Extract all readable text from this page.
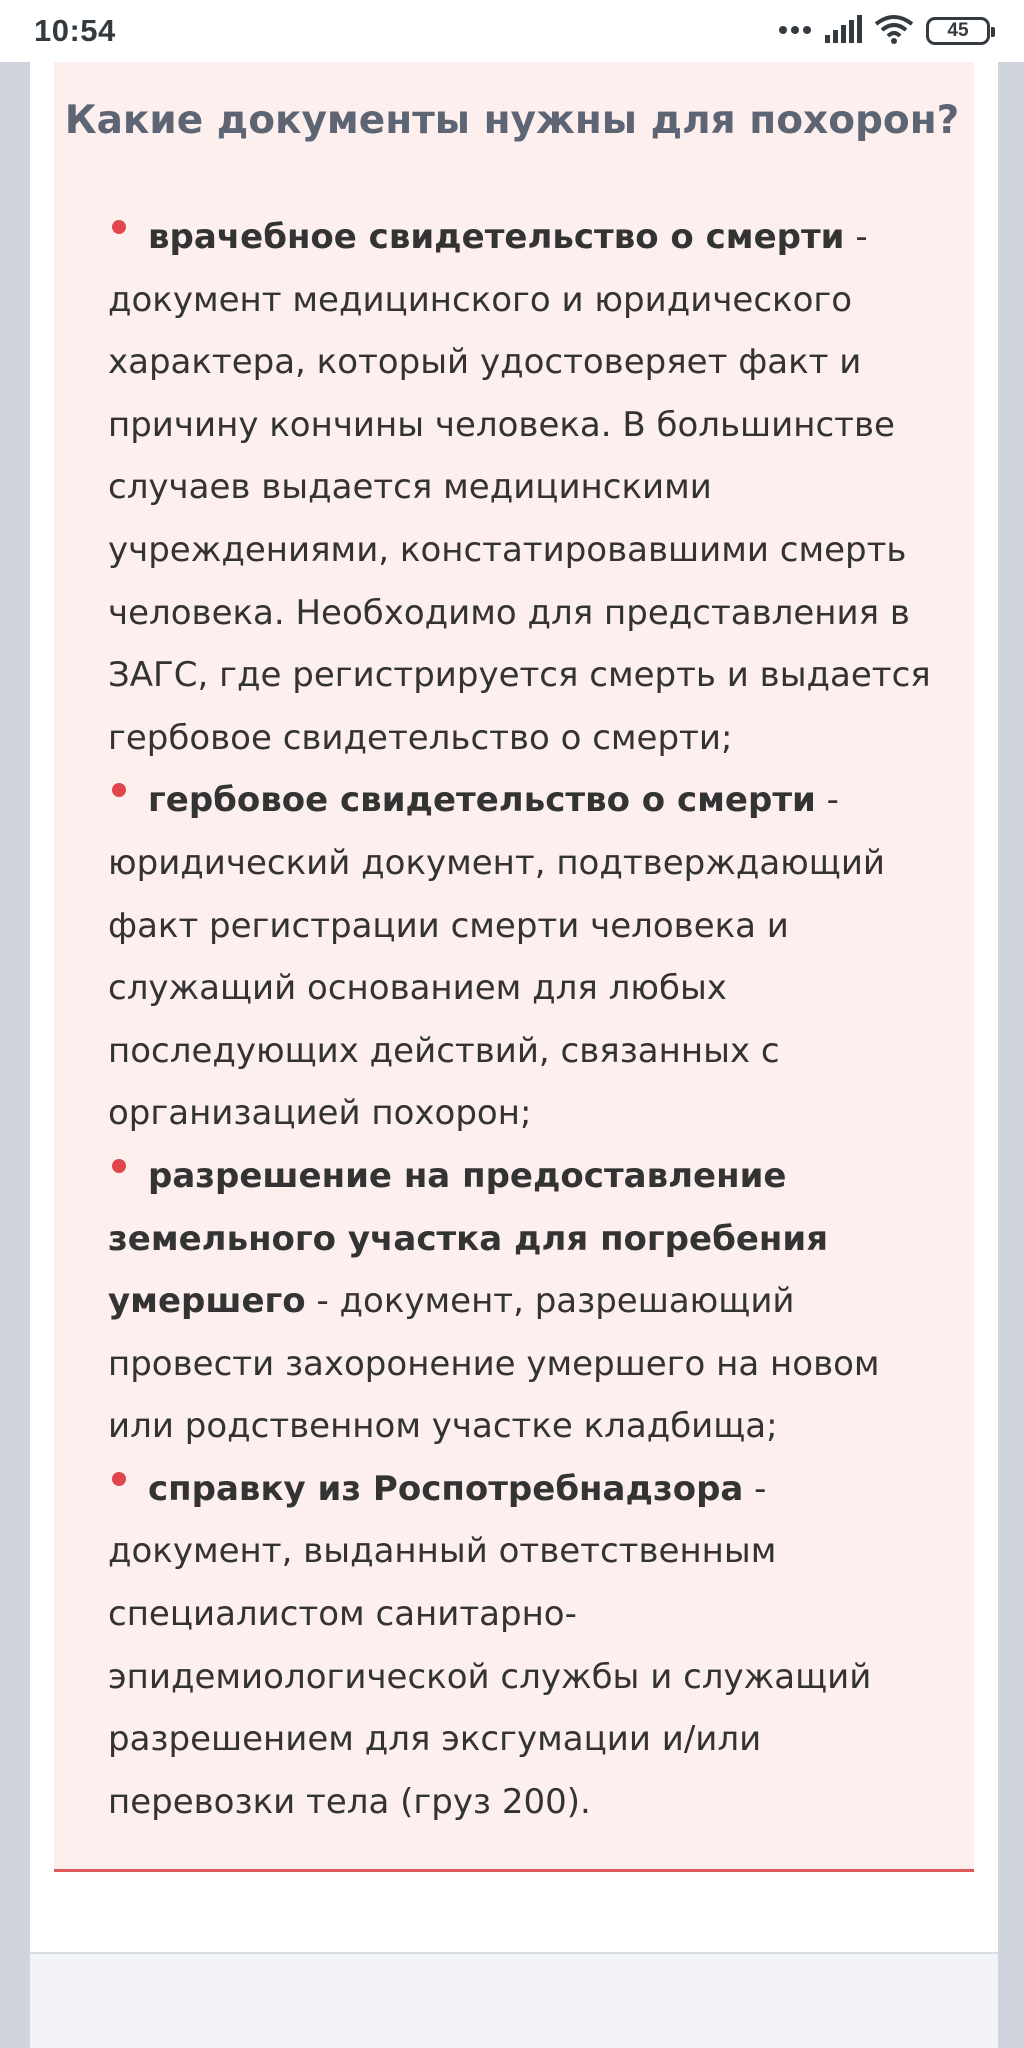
10:54	45
Какие документы нужны для похорон?
врачебное свидетельство о смерти - документ медицинского и юридического характера, который удостоверяет факт и причину кончины человека. В большинстве случаев выдается медицинскими учреждениями, констатировавшими смерть человека. Необходимо для представления в ЗАГС, где регистрируется смерть и выдается гербовое свидетельство о смерти;
гербовое свидетельство о смерти - юридический документ, подтверждающий факт регистрации смерти человека и служащий основанием для любых последующих действий, связанных с организацией похорон;
разрешение на предоставление земельного участка для погребения умершего - документ, разрешающий провести захоронение умершего на новом или родственном участке кладбища;
справку из Роспотребнадзора - документ, выданный ответственным специалистом санитарно-эпидемиологической службы и служащий разрешением для эксгумации и/или перевозки тела (груз 200).
